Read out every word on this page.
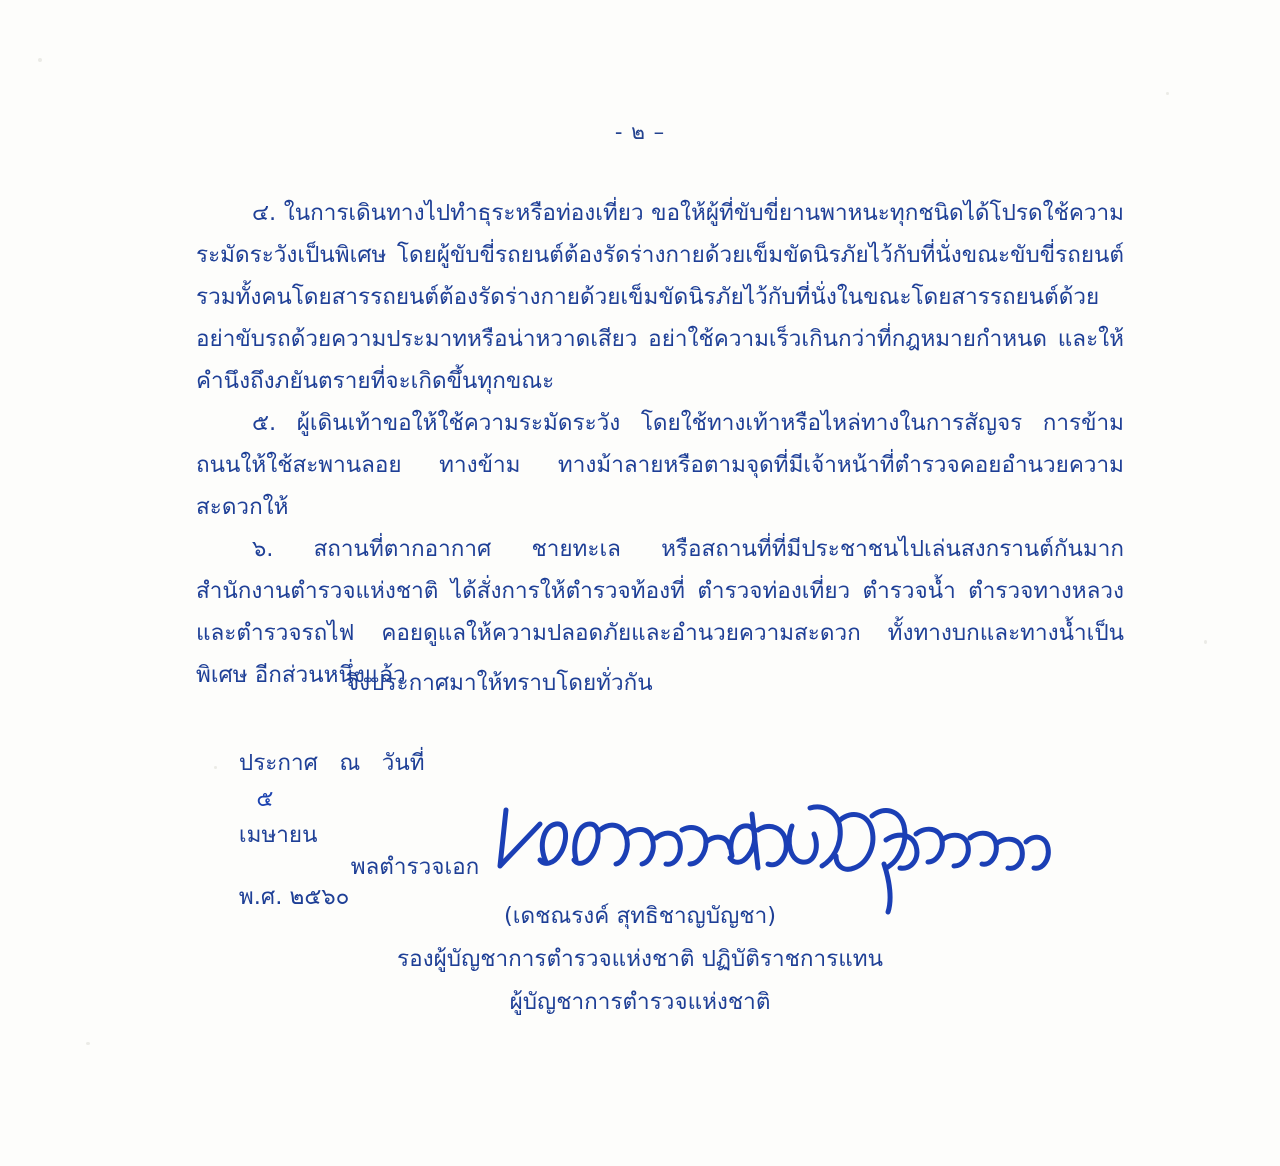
- ๒ –

๔. ในการเดินทางไปทำธุระหรือท่องเที่ยว ขอให้ผู้ที่ขับขี่ยานพาหนะทุกชนิดได้โปรดใช้ความระมัดระวังเป็นพิเศษ โดยผู้ขับขี่รถยนต์ต้องรัดร่างกายด้วยเข็มขัดนิรภัยไว้กับที่นั่งขณะขับขี่รถยนต์ รวมทั้งคนโดยสารรถยนต์ต้องรัดร่างกายด้วยเข็มขัดนิรภัยไว้กับที่นั่งในขณะโดยสารรถยนต์ด้วย อย่าขับรถด้วยความประมาทหรือน่าหวาดเสียว อย่าใช้ความเร็วเกินกว่าที่กฎหมายกำหนด และให้คำนึงถึงภยันตรายที่จะเกิดขึ้นทุกขณะ

๕. ผู้เดินเท้าขอให้ใช้ความระมัดระวัง โดยใช้ทางเท้าหรือไหล่ทางในการสัญจร การข้ามถนนให้ใช้สะพานลอย ทางข้าม ทางม้าลายหรือตามจุดที่มีเจ้าหน้าที่ตำรวจคอยอำนวยความสะดวกให้

๖. สถานที่ตากอากาศ ชายทะเล หรือสถานที่ที่มีประชาชนไปเล่นสงกรานต์กันมาก สำนักงานตำรวจแห่งชาติ ได้สั่งการให้ตำรวจท้องที่ ตำรวจท่องเที่ยว ตำรวจน้ำ ตำรวจทางหลวง และตำรวจรถไฟ คอยดูแลให้ความปลอดภัยและอำนวยความสะดวก ทั้งทางบกและทางน้ำเป็นพิเศษ อีกส่วนหนึ่งแล้ว

จึงประกาศมาให้ทราบโดยทั่วกัน

ประกาศ   ณ   วันที่
๕
เมษายน

พ.ศ. ๒๕๖๐

พลตำรวจเอก
(เดชณรงค์ สุทธิชาญบัญชา)
รองผู้บัญชาการตำรวจแห่งชาติ ปฏิบัติราชการแทน
ผู้บัญชาการตำรวจแห่งชาติ
